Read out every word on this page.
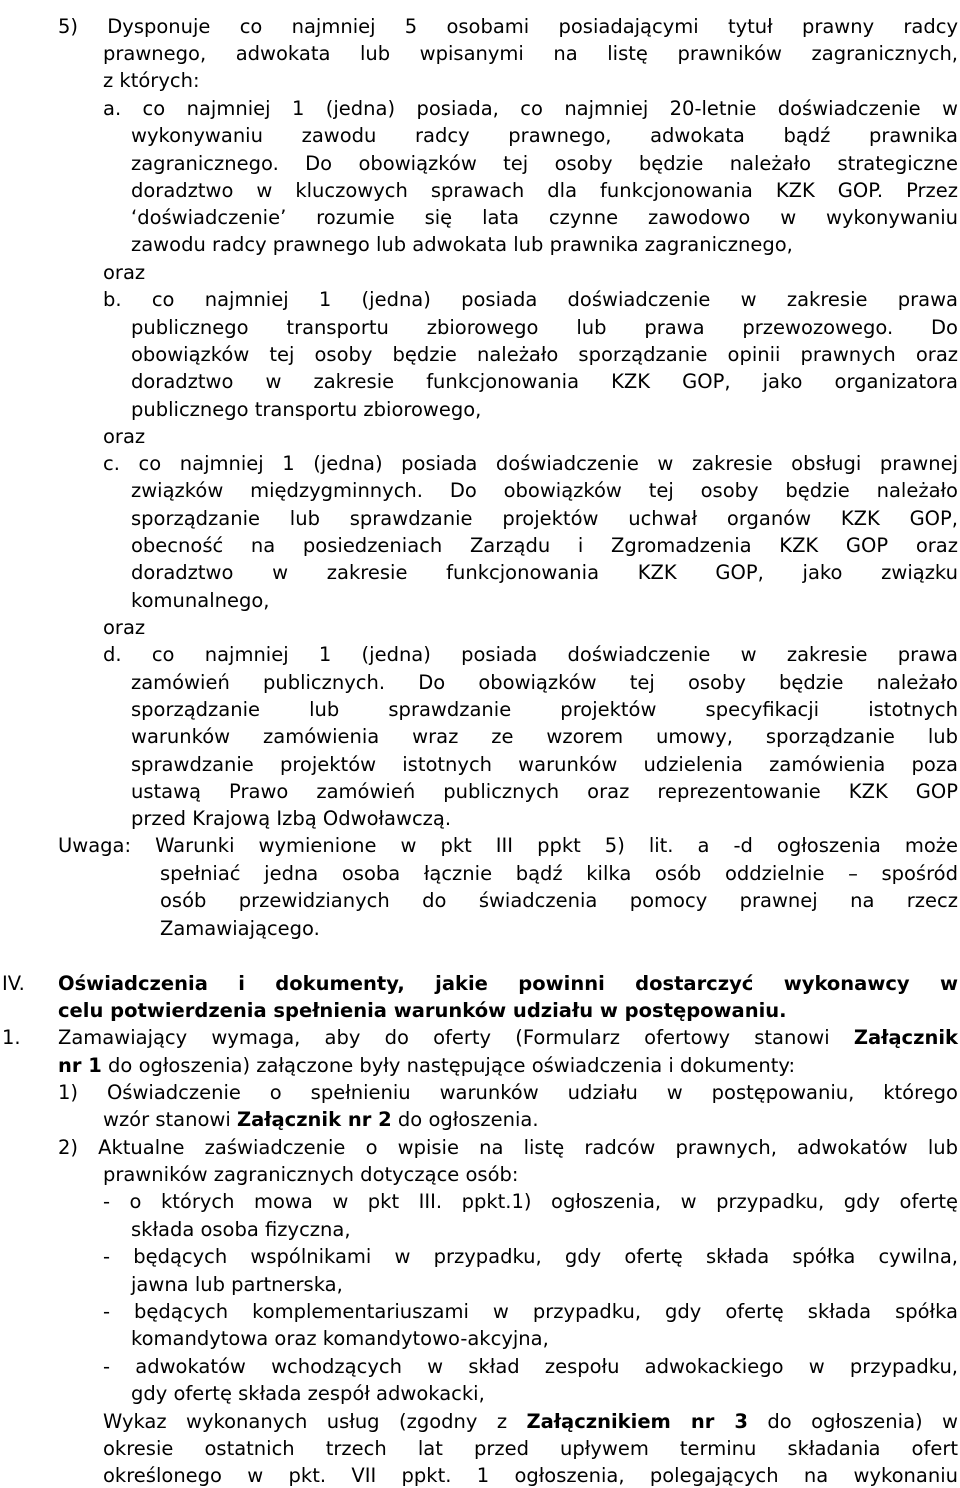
5) Dysponuje co najmniej 5 osobami posiadającymi tytuł prawny radcy
prawnego, adwokata lub wpisanymi na listę prawników zagranicznych,
z których:
a. co najmniej 1 (jedna) posiada, co najmniej 20-letnie doświadczenie w
wykonywaniu zawodu radcy prawnego, adwokata bądź prawnika
zagranicznego. Do obowiązków tej osoby będzie należało strategiczne
doradztwo w kluczowych sprawach dla funkcjonowania KZK GOP. Przez
‘doświadczenie’ rozumie się lata czynne zawodowo w wykonywaniu
zawodu radcy prawnego lub adwokata lub prawnika zagranicznego,
oraz
b. co najmniej 1 (jedna) posiada doświadczenie w zakresie prawa
publicznego transportu zbiorowego lub prawa przewozowego. Do
obowiązków tej osoby będzie należało sporządzanie opinii prawnych oraz
doradztwo w zakresie funkcjonowania KZK GOP, jako organizatora
publicznego transportu zbiorowego,
oraz
c. co najmniej 1 (jedna) posiada doświadczenie w zakresie obsługi prawnej
związków międzygminnych. Do obowiązków tej osoby będzie należało
sporządzanie lub sprawdzanie projektów uchwał organów KZK GOP,
obecność na posiedzeniach Zarządu i Zgromadzenia KZK GOP oraz
doradztwo w zakresie funkcjonowania KZK GOP, jako związku
komunalnego,
oraz
d. co najmniej 1 (jedna) posiada doświadczenie w zakresie prawa
zamówień publicznych. Do obowiązków tej osoby będzie należało
sporządzanie lub sprawdzanie projektów specyfikacji istotnych
warunków zamówienia wraz ze wzorem umowy, sporządzanie lub
sprawdzanie projektów istotnych warunków udzielenia zamówienia poza
ustawą Prawo zamówień publicznych oraz reprezentowanie KZK GOP
przed Krajową Izbą Odwoławczą.
Uwaga: Warunki wymienione w pkt III ppkt 5) lit. a -d ogłoszenia może
spełniać jedna osoba łącznie bądź kilka osób oddzielnie – spośród
osób przewidzianych do świadczenia pomocy prawnej na rzecz
Zamawiającego.
IV. Oświadczenia i dokumenty, jakie powinni dostarczyć wykonawcy w
celu potwierdzenia spełnienia warunków udziału w postępowaniu.
1. Zamawiający wymaga, aby do oferty (Formularz ofertowy stanowi Załącznik
nr 1 do ogłoszenia) załączone były następujące oświadczenia i dokumenty:
1) Oświadczenie o spełnieniu warunków udziału w postępowaniu, którego
wzór stanowi Załącznik nr 2 do ogłoszenia.
2) Aktualne zaświadczenie o wpisie na listę radców prawnych, adwokatów lub
prawników zagranicznych dotyczące osób:
- o których mowa w pkt III. ppkt.1) ogłoszenia, w przypadku, gdy ofertę
składa osoba fizyczna,
- będących wspólnikami w przypadku, gdy ofertę składa spółka cywilna,
jawna lub partnerska,
- będących komplementariuszami w przypadku, gdy ofertę składa spółka
komandytowa oraz komandytowo-akcyjna,
- adwokatów wchodzących w skład zespołu adwokackiego w przypadku,
gdy ofertę składa zespół adwokacki,
Wykaz wykonanych usług (zgodny z Załącznikiem nr 3 do ogłoszenia) w
okresie ostatnich trzech lat przed upływem terminu składania ofert
określonego w pkt. VII ppkt. 1 ogłoszenia, polegających na wykonaniu
